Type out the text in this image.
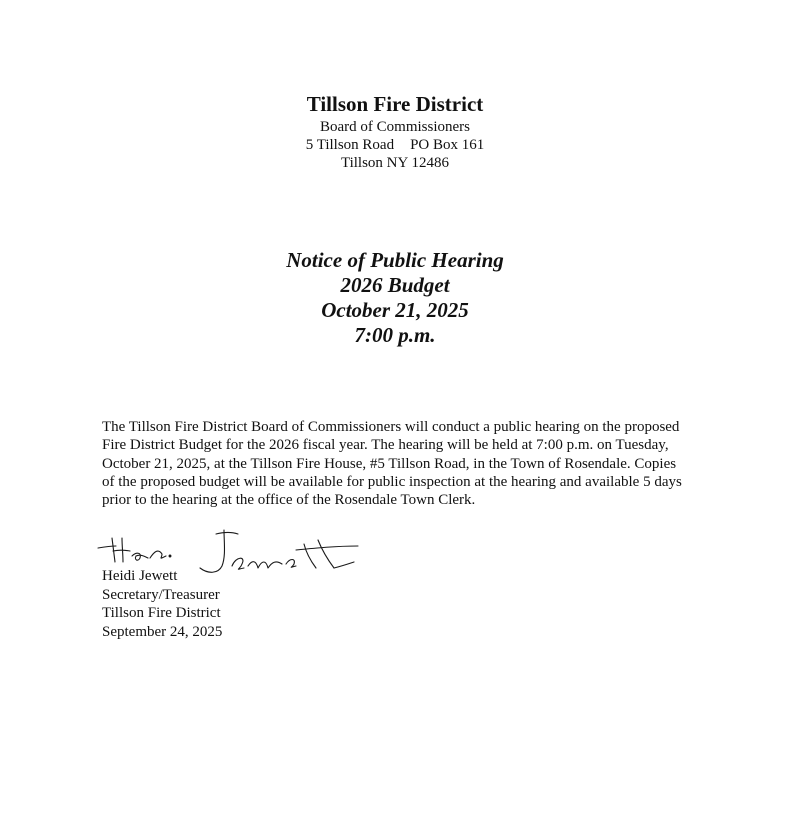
Tillson Fire District
Board of Commissioners
5 Tillson Road PO Box 161
Tillson NY 12486
Notice of Public Hearing
2026 Budget
October 21, 2025
7:00 p.m.

The Tillson Fire District Board of Commissioners will conduct a public hearing on the proposed Fire District Budget for the 2026 fiscal year. The hearing will be held at 7:00 p.m. on Tuesday, October 21, 2025, at the Tillson Fire House, #5 Tillson Road, in the Town of Rosendale. Copies of the proposed budget will be available for public inspection at the hearing and available 5 days prior to the hearing at the office of the Rosendale Town Clerk.

Heidi Jewett
Secretary/Treasurer
Tillson Fire District
September 24, 2025
